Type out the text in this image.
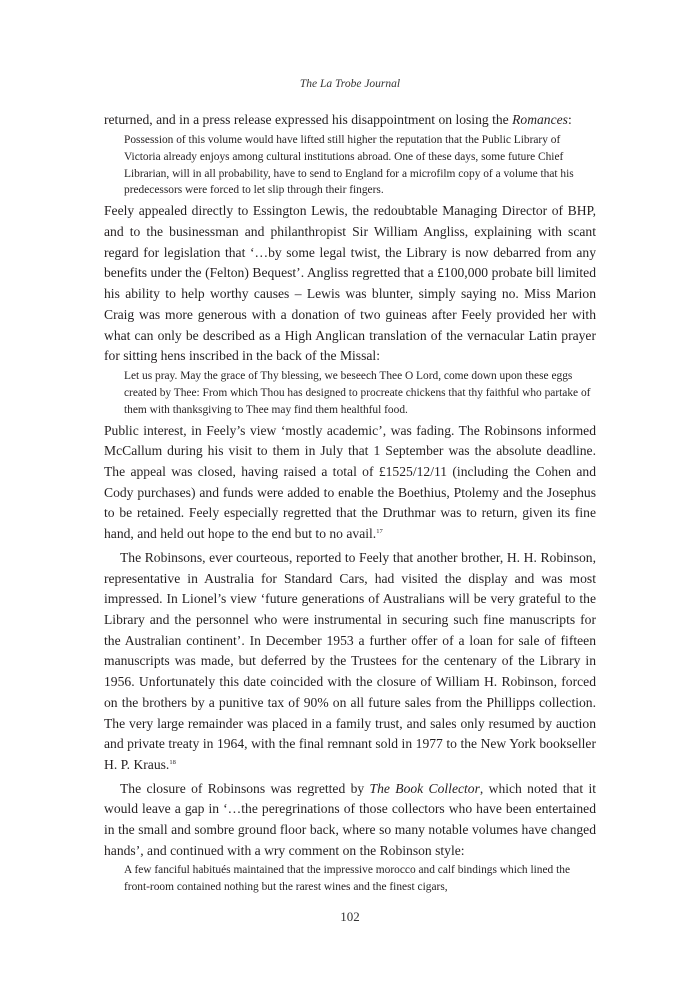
The La Trobe Journal

returned, and in a press release expressed his disappointment on losing the Romances:

Possession of this volume would have lifted still higher the reputation that the Public Library of Victoria already enjoys among cultural institutions abroad. One of these days, some future Chief Librarian, will in all probability, have to send to England for a microfilm copy of a volume that his predecessors were forced to let slip through their fingers.

Feely appealed directly to Essington Lewis, the redoubtable Managing Director of BHP, and to the businessman and philanthropist Sir William Angliss, explaining with scant regard for legislation that ‘…by some legal twist, the Library is now debarred from any benefits under the (Felton) Bequest’. Angliss regretted that a £100,000 probate bill limited his ability to help worthy causes – Lewis was blunter, simply saying no. Miss Marion Craig was more generous with a donation of two guineas after Feely provided her with what can only be described as a High Anglican translation of the vernacular Latin prayer for sitting hens inscribed in the back of the Missal:

Let us pray. May the grace of Thy blessing, we beseech Thee O Lord, come down upon these eggs created by Thee: From which Thou has designed to procreate chickens that thy faithful who partake of them with thanksgiving to Thee may find them healthful food.

Public interest, in Feely’s view ‘mostly academic’, was fading. The Robinsons informed McCallum during his visit to them in July that 1 September was the absolute deadline. The appeal was closed, having raised a total of £1525/12/11 (including the Cohen and Cody purchases) and funds were added to enable the Boethius, Ptolemy and the Josephus to be retained. Feely especially regretted that the Druthmar was to return, given its fine hand, and held out hope to the end but to no avail.$^{17}$

The Robinsons, ever courteous, reported to Feely that another brother, H. H. Robinson, representative in Australia for Standard Cars, had visited the display and was most impressed. In Lionel’s view ‘future generations of Australians will be very grateful to the Library and the personnel who were instrumental in securing such fine manuscripts for the Australian continent’. In December 1953 a further offer of a loan for sale of fifteen manuscripts was made, but deferred by the Trustees for the centenary of the Library in 1956. Unfortunately this date coincided with the closure of William H. Robinson, forced on the brothers by a punitive tax of 90% on all future sales from the Phillipps collection. The very large remainder was placed in a family trust, and sales only resumed by auction and private treaty in 1964, with the final remnant sold in 1977 to the New York bookseller H. P. Kraus.$^{18}$

The closure of Robinsons was regretted by The Book Collector, which noted that it would leave a gap in ‘…the peregrinations of those collectors who have been entertained in the small and sombre ground floor back, where so many notable volumes have changed hands’, and continued with a wry comment on the Robinson style:

A few fanciful habitués maintained that the impressive morocco and calf bindings which lined the front-room contained nothing but the rarest wines and the finest cigars,
102
